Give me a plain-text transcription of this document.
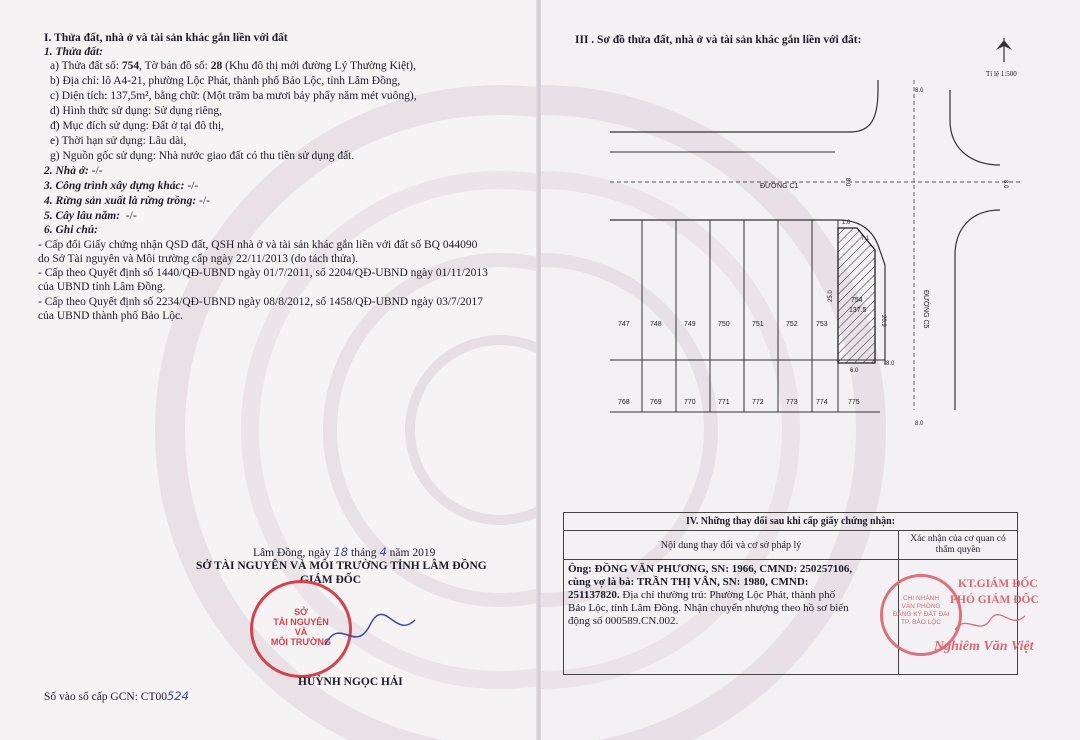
I. Thửa đất, nhà ở và tài sản khác gắn liền với đất
1. Thửa đất:
a) Thửa đất số: 754, Tờ bản đồ số: 28 (Khu đô thị mới đường Lý Thường Kiệt),
b) Địa chỉ: lô A4-21, phường Lộc Phát, thành phố Bảo Lộc, tỉnh Lâm Đồng,
c) Diện tích: 137,5m², bằng chữ: (Một trăm ba mươi bảy phẩy năm mét vuông),
d) Hình thức sử dụng: Sử dụng riêng,
đ) Mục đích sử dụng: Đất ở tại đô thị,
e) Thời hạn sử dụng: Lâu dài,
g) Nguồn gốc sử dụng: Nhà nước giao đất có thu tiền sử dụng đất.
2. Nhà ở: -/-
3. Công trình xây dựng khác: -/-
4. Rừng sản xuất là rừng trồng: -/-
5. Cây lâu năm: -/-
6. Ghi chú:
- Cấp đổi Giấy chứng nhận QSD đất, QSH nhà ở và tài sản khác gắn liền với đất số BQ 044090
do Sở Tài nguyên và Môi trường cấp ngày 22/11/2013 (do tách thửa).
- Cấp theo Quyết định số 1440/QĐ-UBND ngày 01/7/2011, số 2204/QĐ-UBND ngày 01/11/2013
của UBND tỉnh Lâm Đồng.
- Cấp theo Quyết định số 2234/QĐ-UBND ngày 08/8/2012, số 1458/QĐ-UBND ngày 03/7/2017
của UBND thành phố Bảo Lộc.
Lâm Đồng, ngày 18 tháng 4 năm 2019
SỞ TÀI NGUYÊN VÀ MÔI TRƯỜNG TỈNH LÂM ĐỒNG
GIÁM ĐỐC
SỞ
TÀI NGUYÊN
VÀ
MÔI TRƯỜNG
HUỲNH NGỌC HẢI
Số vào sổ cấp GCN: CT00524
III . Sơ đồ thửa đất, nhà ở và tài sản khác gắn liền với đất:
Tỉ lệ 1:500
ĐƯỜNG C1
ĐƯỜNG C5
747	748	749	750	751	752	753
768	769	770	771	772	773	774	775
754
137.5
1.0
7.1
25.0
20.9
6.0
8.0
8.0
8.0
8.0
8.0
IV. Những thay đổi sau khi cấp giấy chứng nhận:	
Nội dung thay đổi và cơ sở pháp lý	Xác nhận của cơ quan có thẩm quyền

Ông: ĐỒNG VĂN PHƯƠNG, SN: 1966, CMND: 250257106,
cùng vợ là bà: TRẦN THỊ VÂN, SN: 1980, CMND:
251137820. Địa chỉ thường trú: Phường Lộc Phát, thành phố
Bảo Lộc, tỉnh Lâm Đồng. Nhận chuyển nhượng theo hồ sơ biến
động số 000589.CN.002.	

CHI NHÁNH
VĂN PHÒNG
ĐĂNG KÝ ĐẤT ĐAI
TP. BẢO LỘC
KT.GIÁM ĐỐC
PHÓ GIÁM ĐỐC
Nghiêm Văn Việt
